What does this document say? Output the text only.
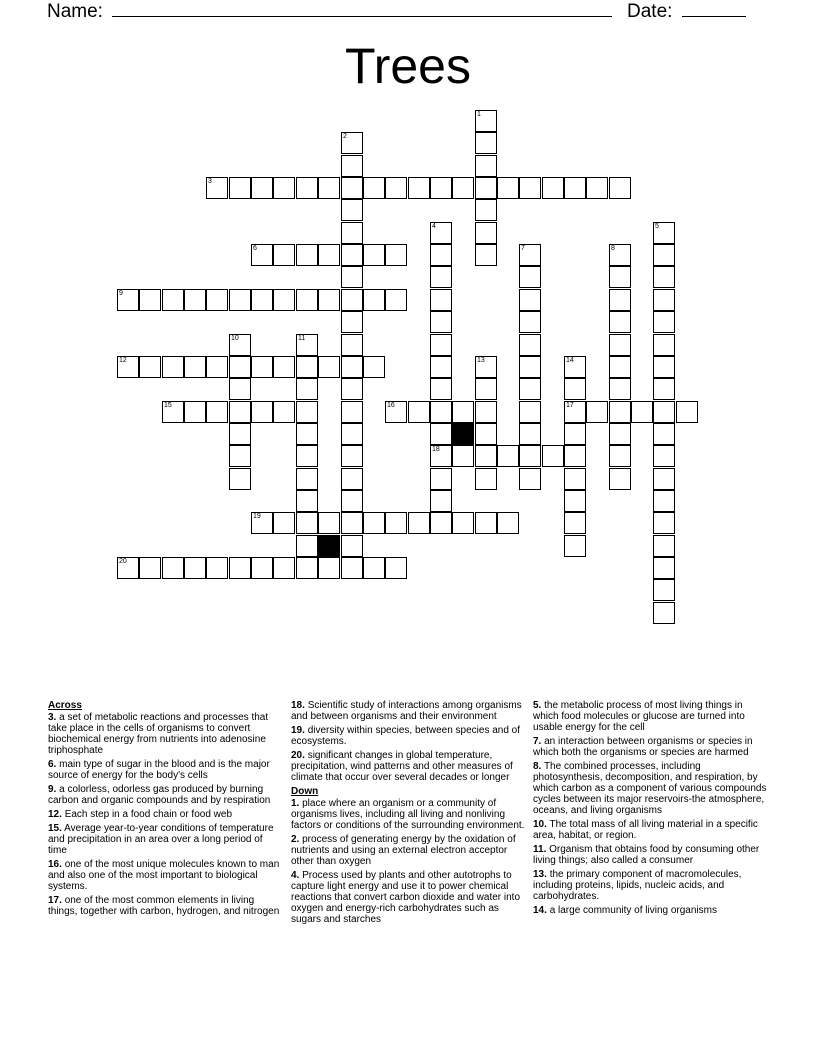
Name:	Date:
Trees
1
2
3
4
18
5
6	7	8
9
10	11
12	13	14
17
15	16
19
20
Across
3. a set of metabolic reactions and processes that take place in the cells of organisms to convert biochemical energy from nutrients into adenosine triphosphate
6. main type of sugar in the blood and is the major source of energy for the body's cells
9. a colorless, odorless gas produced by burning carbon and organic compounds and by respiration
12. Each step in a food chain or food web
15. Average year-to-year conditions of temperature and precipitation in an area over a long period of time
16. one of the most unique molecules known to man and also one of the most important to biological systems.
17. one of the most common elements in living things, together with carbon, hydrogen, and nitrogen
18. Scientific study of interactions among organisms and between organisms and their environment
19. diversity within species, between species and of ecosystems.
20. significant changes in global temperature, precipitation, wind patterns and other measures of climate that occur over several decades or longer
Down
1. place where an organism or a community of organisms lives, including all living and nonliving factors or conditions of the surrounding environment.
2. process of generating energy by the oxidation of nutrients and using an external electron acceptor other than oxygen
4. Process used by plants and other autotrophs to capture light energy and use it to power chemical reactions that convert carbon dioxide and water into oxygen and energy-rich carbohydrates such as sugars and starches
5. the metabolic process of most living things in which food molecules or glucose are turned into usable energy for the cell
7. an interaction between organisms or species in which both the organisms or species are harmed
8. The combined processes, including photosynthesis, decomposition, and respiration, by which carbon as a component of various compounds cycles between its major reservoirs-the atmosphere, oceans, and living organisms
10. The total mass of all living material in a specific area, habitat, or region.
11. Organism that obtains food by consuming other living things; also called a consumer
13. the primary component of macromolecules, including proteins, lipids, nucleic acids, and carbohydrates.
14. a large community of living organisms
